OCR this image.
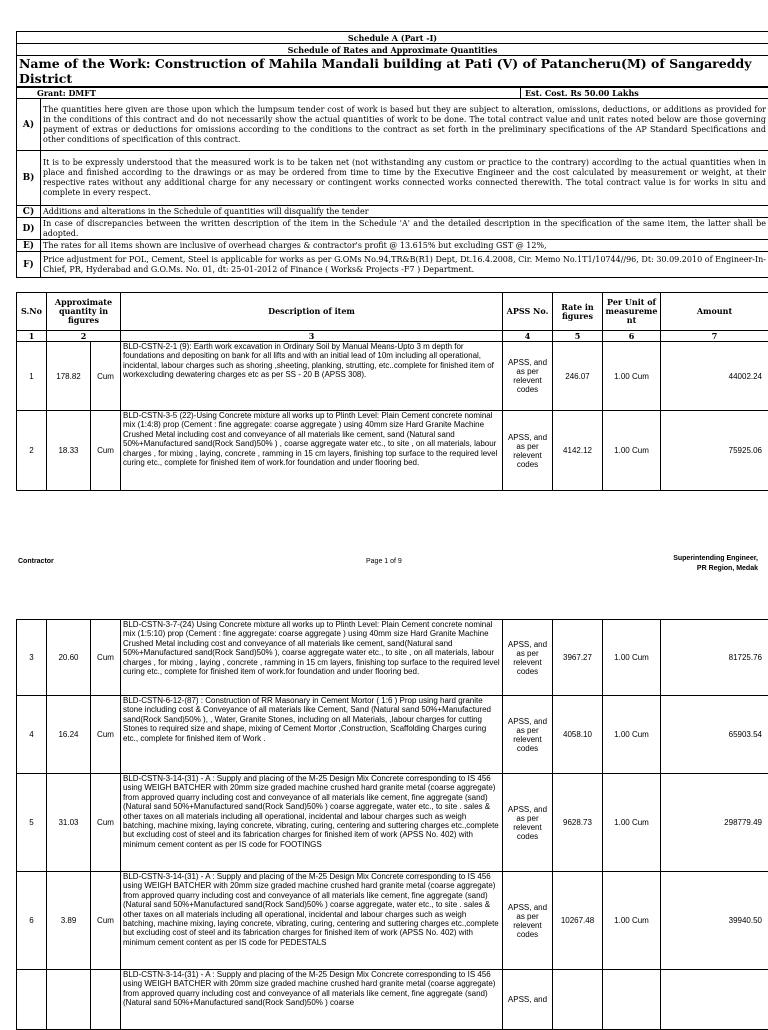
Schedule A (Part -I)
Schedule of Rates and Approximate Quantities
Name of the Work: Construction of Mahila Mandali building at Pati (V) of Patancheru(M) of Sangareddy District
Grant: DMFT		Est. Cost. Rs 50.00 Lakhs
A)	The quantities here given are those upon which the lumpsum tender cost of work is based but they are subject to alteration, omissions, deductions, or additions as provided for in the conditions of this contract and do not necessarily show the actual quantities of work to be done. The total contract value and unit rates noted below are those governing payment of extras or deductions for omissions according to the conditions to the contract as set forth in the preliminary specifications of the AP Standard Specifications and other conditions of specification of this contract.	
B)	It is to be expressly understood that the measured work is to be taken net (not withstanding any custom or practice to the contrary) according to the actual quantities when in place and finished according to the drawings or as may be ordered from time to time by the Executive Engineer and the cost calculated by measurement or weight, at their respective rates without any additional charge for any necessary or contingent works connected works connected therewith. The total contract value is for works in situ and complete in every respect.	
C)	Additions and alterations in the Schedule of quantities will disqualify the tender	
D)	In case of discrepancies between the written description of the item in the Schedule 'A' and the detailed description in the specification of the same item, the latter shall be adopted.	
E)	The rates for all items shown are inclusive of overhead charges & contractor's profit @ 13.615% but excluding GST @ 12%,	
F)	Price adjustment for POL, Cement, Steel is applicable for works as per G.OMs No.94,TR&B(R1) Dept, Dt.16.4.2008, Cir. Memo No.1T1/10744//96, Dt: 30.09.2010 of Engineer-In- Chief, PR, Hyderabad and G.O.Ms. No. 01, dt: 25-01-2012 of Finance ( Works& Projects -F7 ) Department.	
S.No	Approximate quantity in figures		Description of item	APSS No.	Rate in figures	Per Unit of measureme nt	Amount
1	2		3	4	5	6	7
1	178.82	Cum	BLD-CSTN-2-1 (9): Earth work excavation in Ordinary Soil by Manual Means-Upto 3 m depth for foundations and depositing on bank for all lifts and with an initial lead of 10m including all operational, incidental, labour charges such as shoring ,sheeting, planking, strutting, etc..complete for finished item of workexcluding dewatering charges etc as per SS - 20 B (APSS 308).	APSS, and as per relevent codes	246.07	1.00 Cum	44002.24
2	18.33	Cum	BLD-CSTN-3-5 (22)-Using Concrete mixture all works up to Plinth Level: Plain Cement concrete nominal mix (1:4:8) prop (Cement : fine aggregate: coarse aggregate ) using 40mm size Hard Granite Machine Crushed Metal including cost and conveyance of all materials like cement, sand (Natural sand 50%+Manufactured sand(Rock Sand)50% ) , coarse aggregate water etc., to site , on all materials, labour charges , for mixing , laying, concrete , ramming in 15 cm layers, finishing top surface to the required level curing etc., complete for finished item of work.for foundation and under flooring bed.	APSS, and as per relevent codes	4142.12	1.00 Cum	75925.06
Contractor	Page 1 of 9	Superintending Engineer,
PR Region, Medak
3	20.60	Cum	BLD-CSTN-3-7-(24) Using Concrete mixture all works up to Plinth Level: Plain Cement concrete nominal mix (1:5:10) prop (Cement : fine aggregate: coarse aggregate ) using 40mm size Hard Granite Machine Crushed Metal including cost and conveyance of all materials like cement, sand(Natural sand 50%+Manufactured sand(Rock Sand)50% ), coarse aggregate water etc., to site , on all materials, labour charges , for mixing , laying , concrete , ramming in 15 cm layers, finishing top surface to the required level curing etc., complete for finished item of work.for foundation and under flooring bed.	APSS, and as per relevent codes	3967.27	1.00 Cum	81725.76
4	16.24	Cum	BLD-CSTN-6-12-(87) : Construction of RR Masonary in Cement Mortor ( 1:6 ) Prop using hard granite stone including cost & Conveyance of all materials like Cement, Sand (Natural sand 50%+Manufactured sand(Rock Sand)50% ), , Water, Granite Stones, including on all Materials, ,labour charges for cutting Stones to required size and shape, mixing of Cement Mortor ,Construction, Scaffolding Charges curing etc., complete for finished item of Work .	APSS, and as per relevent codes	4058.10	1.00 Cum	65903.54
5	31.03	Cum	BLD-CSTN-3-14-(31) - A : Supply and placing of the M-25 Design Mix Concrete corresponding to IS 456 using WEIGH BATCHER with 20mm size graded machine crushed hard granite metal (coarse aggregate) from approved quarry including cost and conveyance of all materials like cement, fine aggregate (sand)(Natural sand 50%+Manufactured sand(Rock Sand)50% ) coarse aggregate, water etc., to site . sales & other taxes on all materials including all operational, incidental and labour charges such as weigh batching, machine mixing, laying concrete, vibrating, curing, centering and suttering charges etc.,complete but excluding cost of steel and its fabrication charges for finished item of work (APSS No. 402) with minimum cement content as per IS code for FOOTINGS	APSS, and as per relevent codes	9628.73	1.00 Cum	298779.49
6	3.89	Cum	BLD-CSTN-3-14-(31) - A : Supply and placing of the M-25 Design Mix Concrete corresponding to IS 456 using WEIGH BATCHER with 20mm size graded machine crushed hard granite metal (coarse aggregate) from approved quarry including cost and conveyance of all materials like cement, fine aggregate (sand)(Natural sand 50%+Manufactured sand(Rock Sand)50% ) coarse aggregate, water etc., to site . sales & other taxes on all materials including all operational, incidental and labour charges such as weigh batching, machine mixing, laying concrete, vibrating, curing, centering and suttering charges etc.,complete but excluding cost of steel and its fabrication charges for finished item of work (APSS No. 402) with minimum cement content as per IS code for PEDESTALS	APSS, and as per relevent codes	10267.48	1.00 Cum	39940.50
			BLD-CSTN-3-14-(31) - A : Supply and placing of the M-25 Design Mix Concrete corresponding to IS 456 using WEIGH BATCHER with 20mm size graded machine crushed hard granite metal (coarse aggregate) from approved quarry including cost and conveyance of all materials like cement, fine aggregate (sand)(Natural sand 50%+Manufactured sand(Rock Sand)50% ) coarse	APSS, and			
